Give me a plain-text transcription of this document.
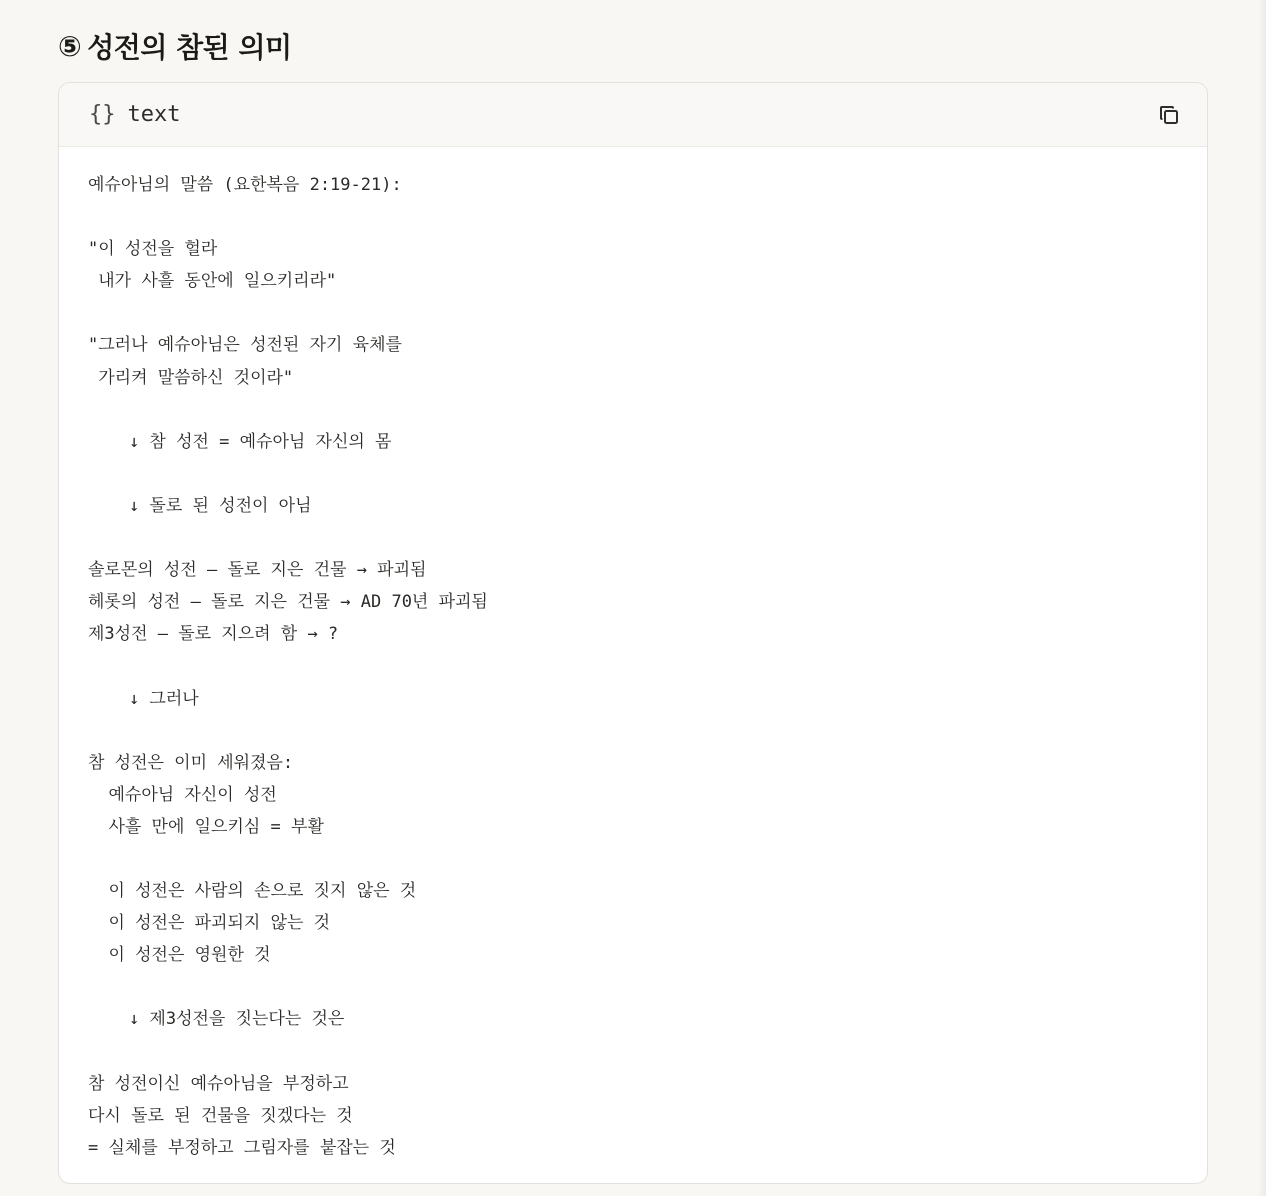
⑤ 성전의 참된 의미
{} text
예슈아님의 말씀 (요한복음 2:19-21):

"이 성전을 헐라
내가 사흘 동안에 일으키리라"

"그러나 예슈아님은 성전된 자기 육체를
가리켜 말씀하신 것이라"

↓ 참 성전 = 예슈아님 자신의 몸

↓ 돌로 된 성전이 아님

솔로몬의 성전 — 돌로 지은 건물 → 파괴됨
헤롯의 성전 — 돌로 지은 건물 → AD 70년 파괴됨
제3성전 — 돌로 지으려 함 → ?

↓ 그러나

참 성전은 이미 세워졌음:
예슈아님 자신이 성전
사흘 만에 일으키심 = 부활

이 성전은 사람의 손으로 짓지 않은 것
이 성전은 파괴되지 않는 것
이 성전은 영원한 것

↓ 제3성전을 짓는다는 것은

참 성전이신 예슈아님을 부정하고
다시 돌로 된 건물을 짓겠다는 것
= 실체를 부정하고 그림자를 붙잡는 것
